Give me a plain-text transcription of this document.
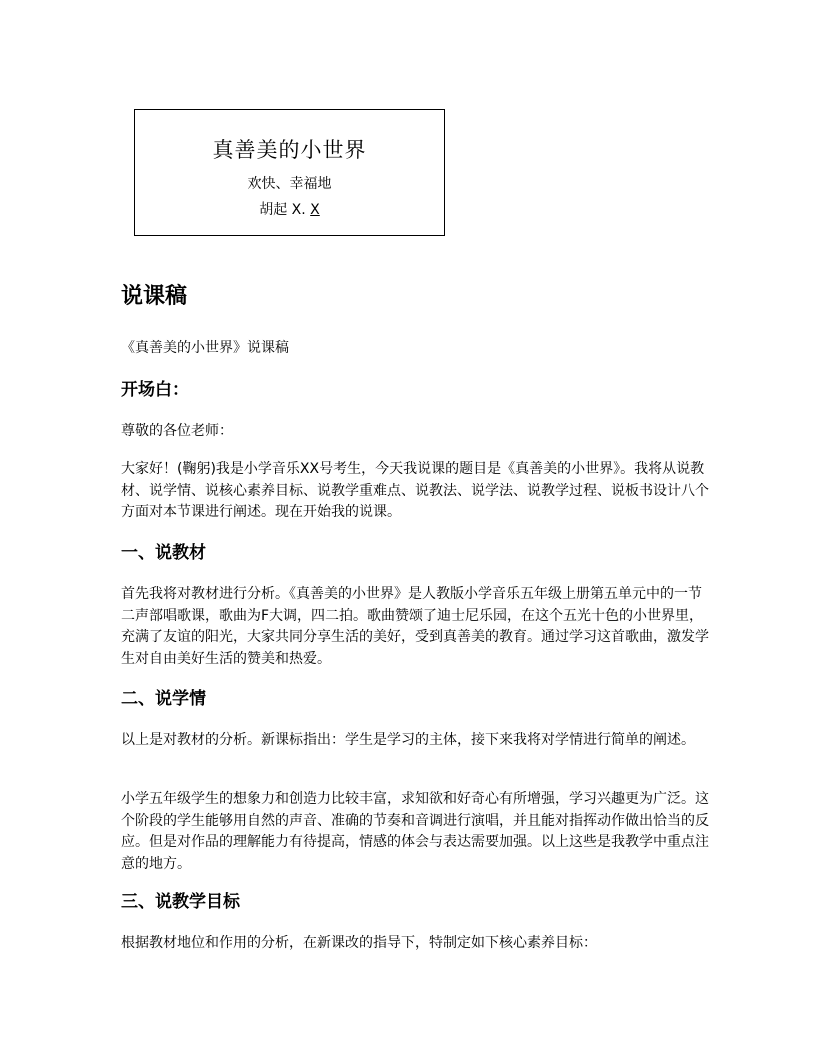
真善美的小世界
欢快、幸福地
胡起 X. X
说课稿
《真善美的小世界》说课稿
开场白：

尊敬的各位老师：

大家好！(鞠躬)我是小学音乐XX号考生，今天我说课的题目是《真善美的小世界》。我将从说教材、说学情、说核心素养目标、说教学重难点、说教法、说学法、说教学过程、说板书设计八个方面对本节课进行阐述。现在开始我的说课。

一、说教材

首先我将对教材进行分析。《真善美的小世界》是人教版小学音乐五年级上册第五单元中的一节二声部唱歌课，歌曲为F大调，四二拍。歌曲赞颂了迪士尼乐园，在这个五光十色的小世界里，充满了友谊的阳光，大家共同分享生活的美好，受到真善美的教育。通过学习这首歌曲，激发学生对自由美好生活的赞美和热爱。

二、说学情

以上是对教材的分析。新课标指出：学生是学习的主体，接下来我将对学情进行简单的阐述。

小学五年级学生的想象力和创造力比较丰富，求知欲和好奇心有所增强，学习兴趣更为广泛。这个阶段的学生能够用自然的声音、准确的节奏和音调进行演唱，并且能对指挥动作做出恰当的反应。但是对作品的理解能力有待提高，情感的体会与表达需要加强。以上这些是我教学中重点注意的地方。

三、说教学目标

根据教材地位和作用的分析，在新课改的指导下，特制定如下核心素养目标：
